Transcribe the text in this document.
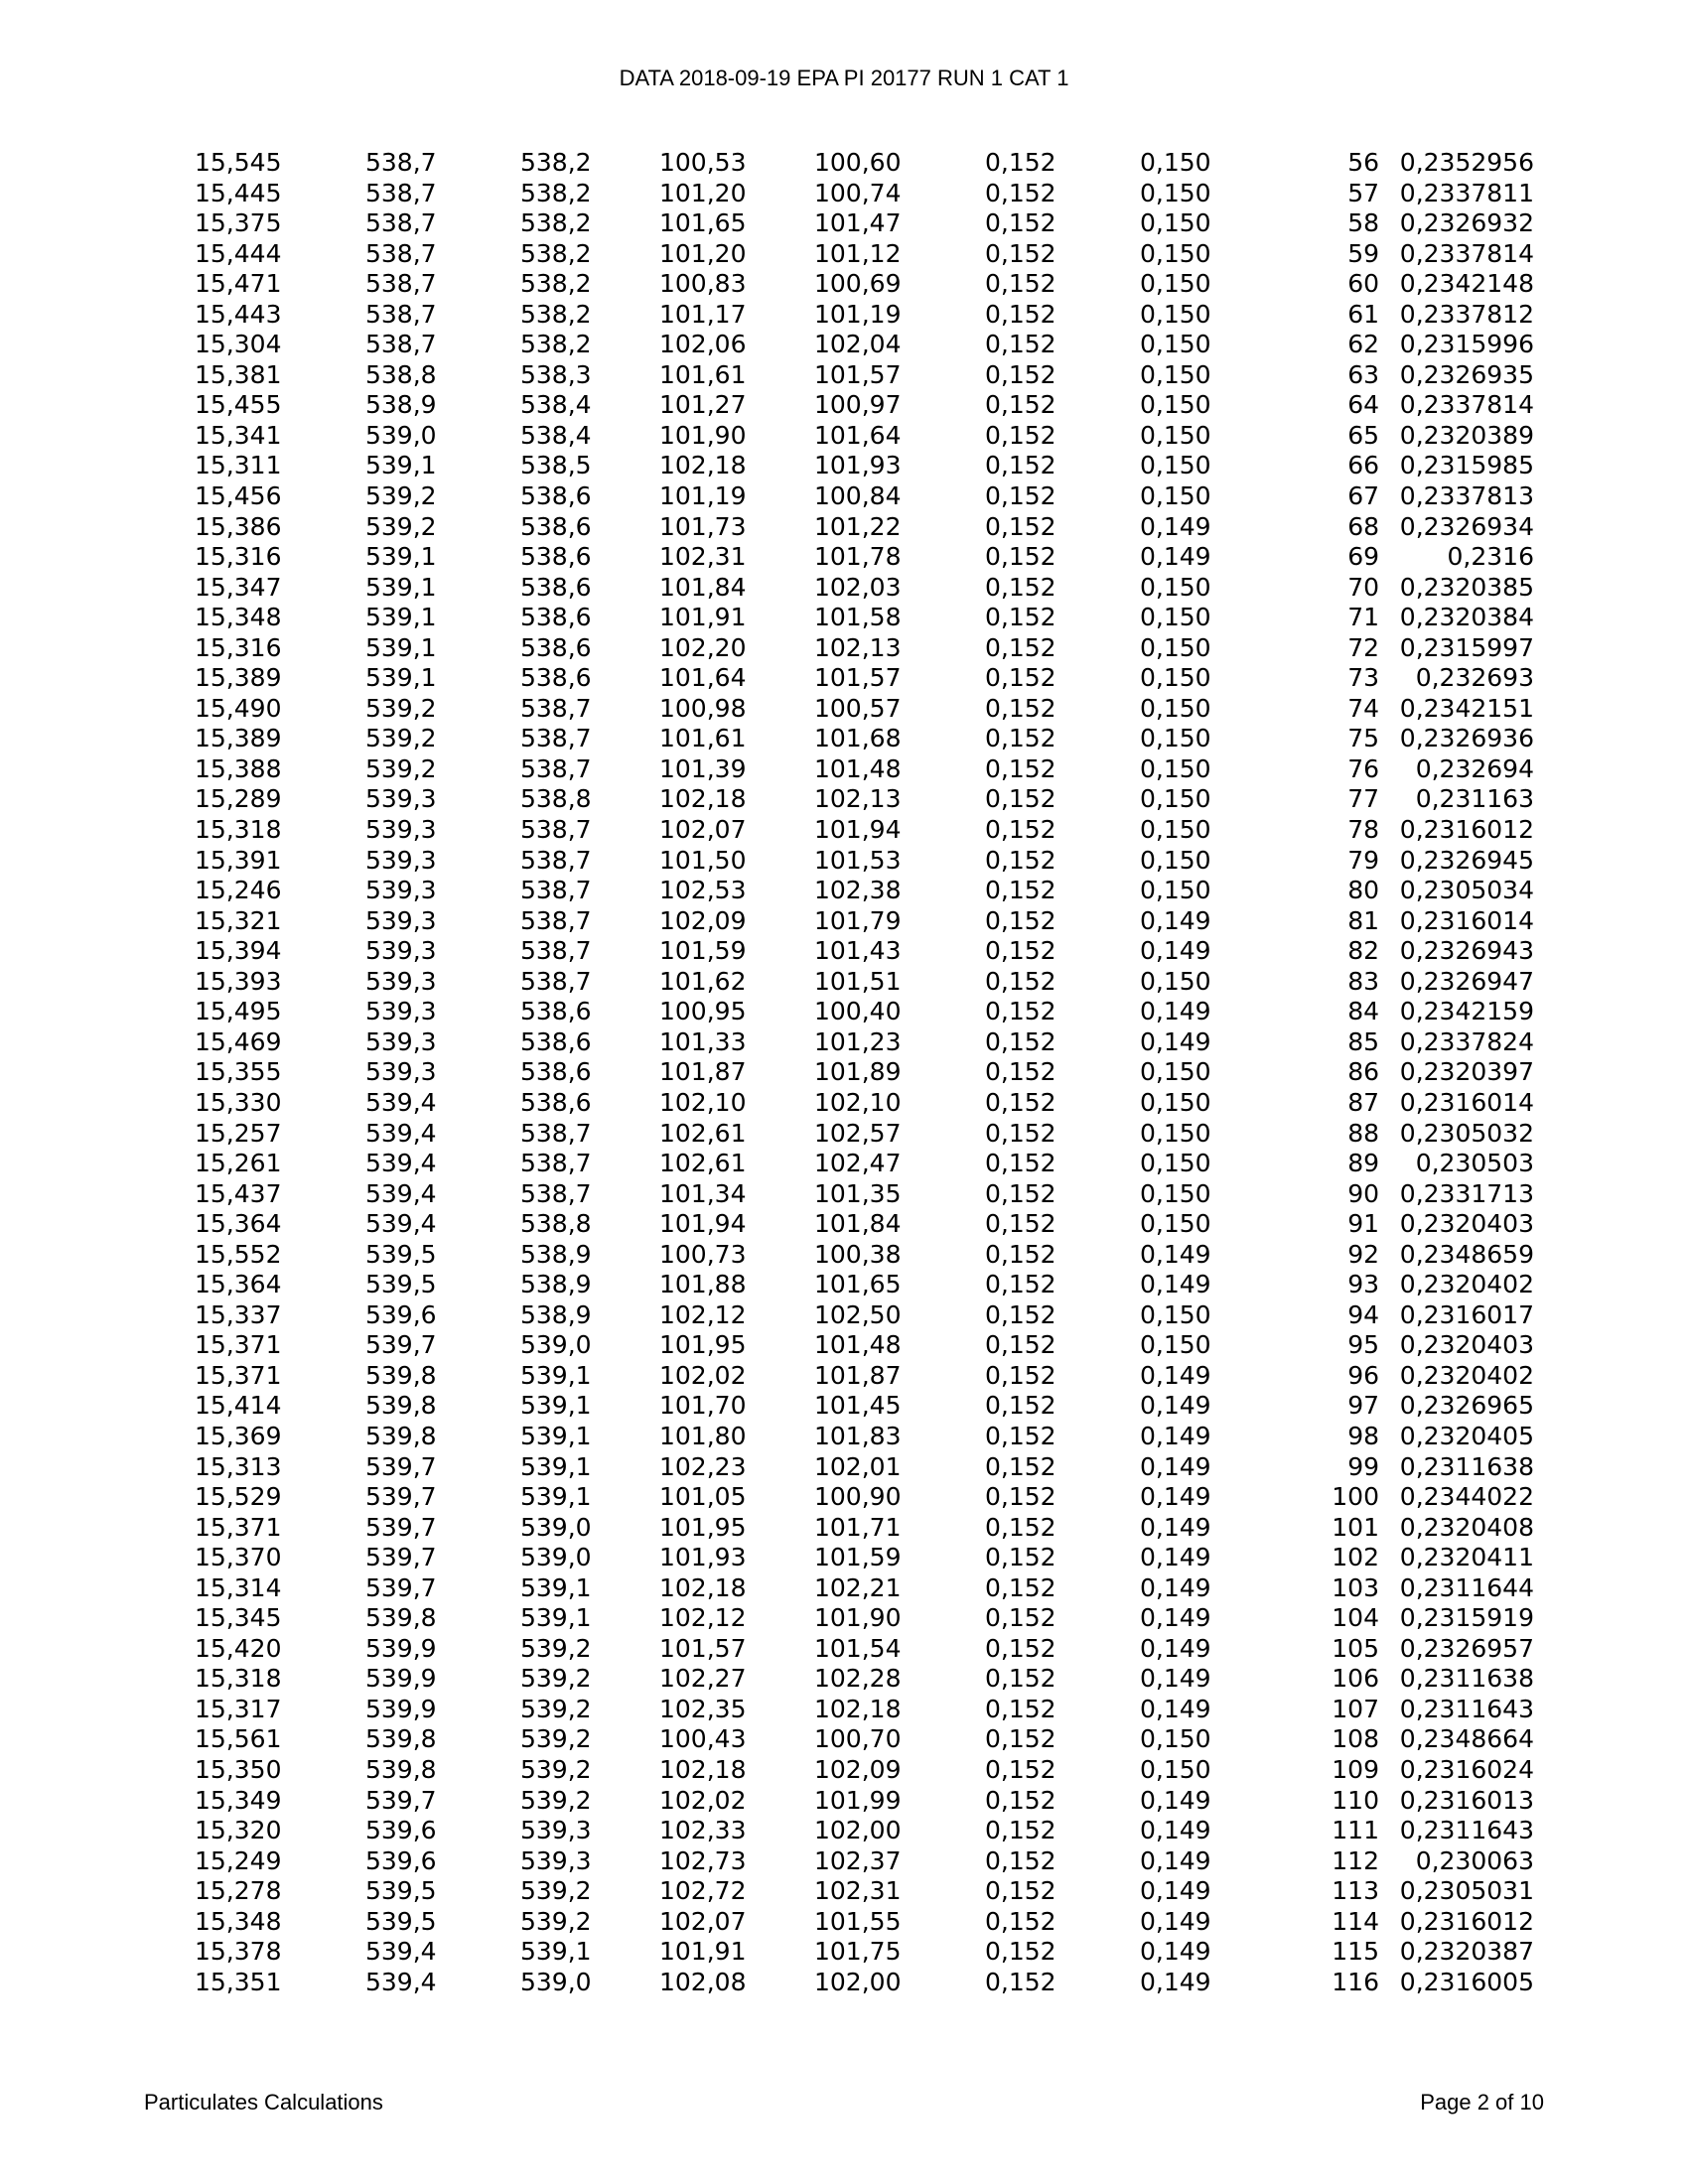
DATA 2018-09-19 EPA PI 20177 RUN 1 CAT 1
15,545	538,7	538,2	100,53	100,60	0,152	0,150	56 0,2352956
15,445	538,7	538,2	101,20	100,74	0,152	0,150	57 0,2337811
15,375	538,7	538,2	101,65	101,47	0,152	0,150	58 0,2326932
15,444	538,7	538,2	101,20	101,12	0,152	0,150	59 0,2337814
15,471	538,7	538,2	100,83	100,69	0,152	0,150	60 0,2342148
15,443	538,7	538,2	101,17	101,19	0,152	0,150	61 0,2337812
15,304	538,7	538,2	102,06	102,04	0,152	0,150	62 0,2315996
15,381	538,8	538,3	101,61	101,57	0,152	0,150	63 0,2326935
15,455	538,9	538,4	101,27	100,97	0,152	0,150	64 0,2337814
15,341	539,0	538,4	101,90	101,64	0,152	0,150	65 0,2320389
15,311	539,1	538,5	102,18	101,93	0,152	0,150	66 0,2315985
15,456	539,2	538,6	101,19	100,84	0,152	0,150	67 0,2337813
15,386	539,2	538,6	101,73	101,22	0,152	0,149	68 0,2326934
15,316	539,1	538,6	102,31	101,78	0,152	0,149	69	0,2316
15,347	539,1	538,6	101,84	102,03	0,152	0,150	70 0,2320385
15,348	539,1	538,6	101,91	101,58	0,152	0,150	71 0,2320384
15,316	539,1	538,6	102,20	102,13	0,152	0,150	72 0,2315997
15,389	539,1	538,6	101,64	101,57	0,152	0,150	73 0,232693
15,490	539,2	538,7	100,98	100,57	0,152	0,150	74 0,2342151
15,389	539,2	538,7	101,61	101,68	0,152	0,150	75 0,2326936
15,388	539,2	538,7	101,39	101,48	0,152	0,150	76 0,232694
15,289	539,3	538,8	102,18	102,13	0,152	0,150	77 0,231163
15,318	539,3	538,7	102,07	101,94	0,152	0,150	78 0,2316012
15,391	539,3	538,7	101,50	101,53	0,152	0,150	79 0,2326945
15,246	539,3	538,7	102,53	102,38	0,152	0,150	80 0,2305034
15,321	539,3	538,7	102,09	101,79	0,152	0,149	81 0,2316014
15,394	539,3	538,7	101,59	101,43	0,152	0,149	82 0,2326943
15,393	539,3	538,7	101,62	101,51	0,152	0,150	83 0,2326947
15,495	539,3	538,6	100,95	100,40	0,152	0,149	84 0,2342159
15,469	539,3	538,6	101,33	101,23	0,152	0,149	85 0,2337824
15,355	539,3	538,6	101,87	101,89	0,152	0,150	86 0,2320397
15,330	539,4	538,6	102,10	102,10	0,152	0,150	87 0,2316014
15,257	539,4	538,7	102,61	102,57	0,152	0,150	88 0,2305032
15,261	539,4	538,7	102,61	102,47	0,152	0,150	89 0,230503
15,437	539,4	538,7	101,34	101,35	0,152	0,150	90 0,2331713
15,364	539,4	538,8	101,94	101,84	0,152	0,150	91 0,2320403
15,552	539,5	538,9	100,73	100,38	0,152	0,149	92 0,2348659
15,364	539,5	538,9	101,88	101,65	0,152	0,149	93 0,2320402
15,337	539,6	538,9	102,12	102,50	0,152	0,150	94 0,2316017
15,371	539,7	539,0	101,95	101,48	0,152	0,150	95 0,2320403
15,371	539,8	539,1	102,02	101,87	0,152	0,149	96 0,2320402
15,414	539,8	539,1	101,70	101,45	0,152	0,149	97 0,2326965
15,369	539,8	539,1	101,80	101,83	0,152	0,149	98 0,2320405
15,313	539,7	539,1	102,23	102,01	0,152	0,149	99 0,2311638
15,529	539,7	539,1	101,05	100,90	0,152	0,149	100 0,2344022
15,371	539,7	539,0	101,95	101,71	0,152	0,149	101 0,2320408
15,370	539,7	539,0	101,93	101,59	0,152	0,149	102 0,2320411
15,314	539,7	539,1	102,18	102,21	0,152	0,149	103 0,2311644
15,345	539,8	539,1	102,12	101,90	0,152	0,149	104 0,2315919
15,420	539,9	539,2	101,57	101,54	0,152	0,149	105 0,2326957
15,318	539,9	539,2	102,27	102,28	0,152	0,149	106 0,2311638
15,317	539,9	539,2	102,35	102,18	0,152	0,149	107 0,2311643
15,561	539,8	539,2	100,43	100,70	0,152	0,150	108 0,2348664
15,350	539,8	539,2	102,18	102,09	0,152	0,150	109 0,2316024
15,349	539,7	539,2	102,02	101,99	0,152	0,149	110 0,2316013
15,320	539,6	539,3	102,33	102,00	0,152	0,149	111 0,2311643
15,249	539,6	539,3	102,73	102,37	0,152	0,149	112 0,230063
15,278	539,5	539,2	102,72	102,31	0,152	0,149	113 0,2305031
15,348	539,5	539,2	102,07	101,55	0,152	0,149	114 0,2316012
15,378	539,4	539,1	101,91	101,75	0,152	0,149	115 0,2320387
15,351	539,4	539,0	102,08	102,00	0,152	0,149	116 0,2316005
Particulates Calculations	Page 2 of 10
